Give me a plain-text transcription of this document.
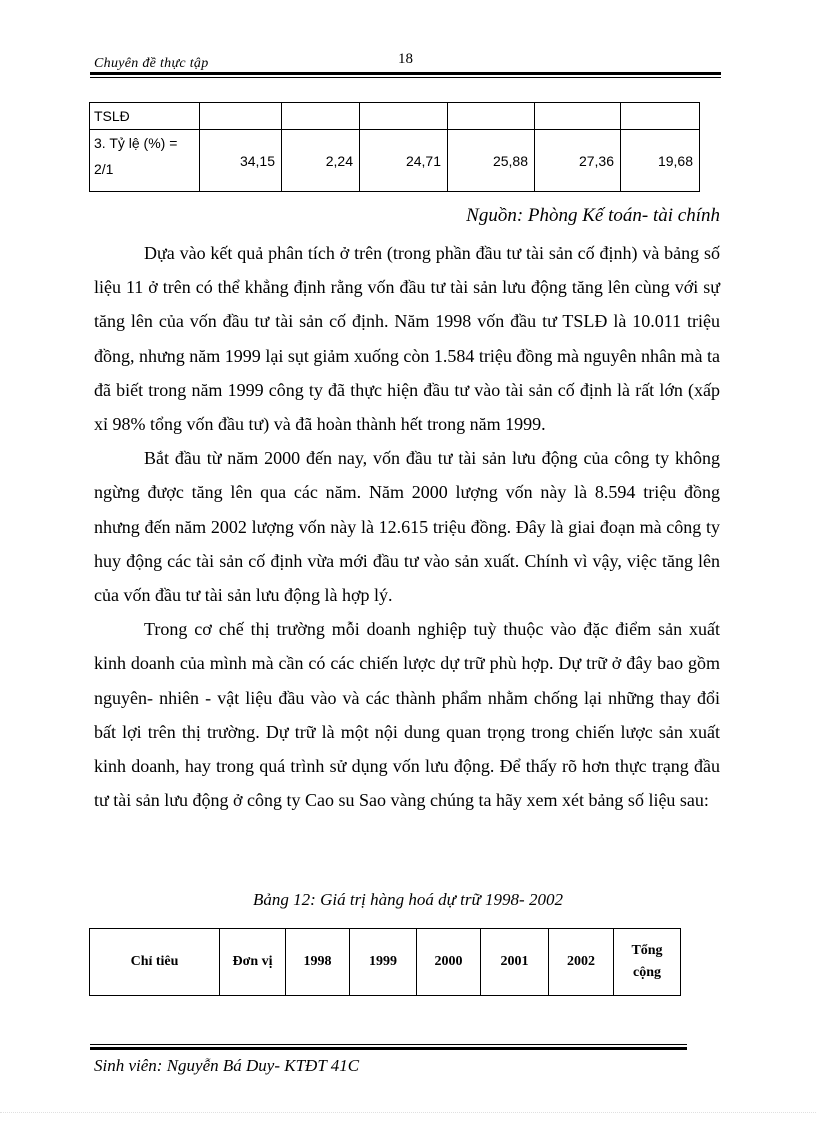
Chuyên đề thực tập	18
TSLĐ						
3. Tỷ lệ (%) = 2/1	34,15	2,24	24,71	25,88	27,36	19,68
Nguồn: Phòng Kế toán- tài chính

Dựa vào kết quả phân tích ở trên (trong phần đầu tư tài sản cố định) và bảng số liệu 11 ở trên có thể khẳng định rằng vốn đầu tư tài sản lưu động tăng lên cùng với sự tăng lên của vốn đầu tư tài sản cố định. Năm 1998 vốn đầu tư TSLĐ là 10.011 triệu đồng, nhưng năm 1999 lại sụt giảm xuống còn 1.584 triệu đồng mà nguyên nhân mà ta đã biết trong năm 1999 công ty đã thực hiện đầu tư vào tài sản cố định là rất lớn (xấp xỉ 98% tổng vốn đầu tư) và đã hoàn thành hết trong năm 1999.

Bắt đầu từ năm 2000 đến nay, vốn đầu tư tài sản lưu động của công ty không ngừng được tăng lên qua các năm. Năm 2000 lượng vốn này là 8.594 triệu đồng nhưng đến năm 2002 lượng vốn này là 12.615 triệu đồng. Đây là giai đoạn mà công ty huy động các tài sản cố định vừa mới đầu tư vào sản xuất. Chính vì vậy, việc tăng lên của vốn đầu tư tài sản lưu động là hợp lý.

Trong cơ chế thị trường mỗi doanh nghiệp tuỳ thuộc vào đặc điểm sản xuất kinh doanh của mình mà cần có các chiến lược dự trữ phù hợp. Dự trữ ở đây bao gồm nguyên- nhiên - vật liệu đầu vào và các thành phẩm nhằm chống lại những thay đổi bất lợi trên thị trường. Dự trữ là một nội dung quan trọng trong chiến lược sản xuất kinh doanh, hay trong quá trình sử dụng vốn lưu động. Để thấy rõ hơn thực trạng đầu tư tài sản lưu động ở công ty Cao su Sao vàng chúng ta hãy xem xét bảng số liệu sau:

Bảng 12: Giá trị hàng hoá dự trữ 1998- 2002
Chỉ tiêu	Đơn vị	1998	1999	2000	2001	2002	Tổng cộng
Sinh viên: Nguyễn Bá Duy- KTĐT 41C
